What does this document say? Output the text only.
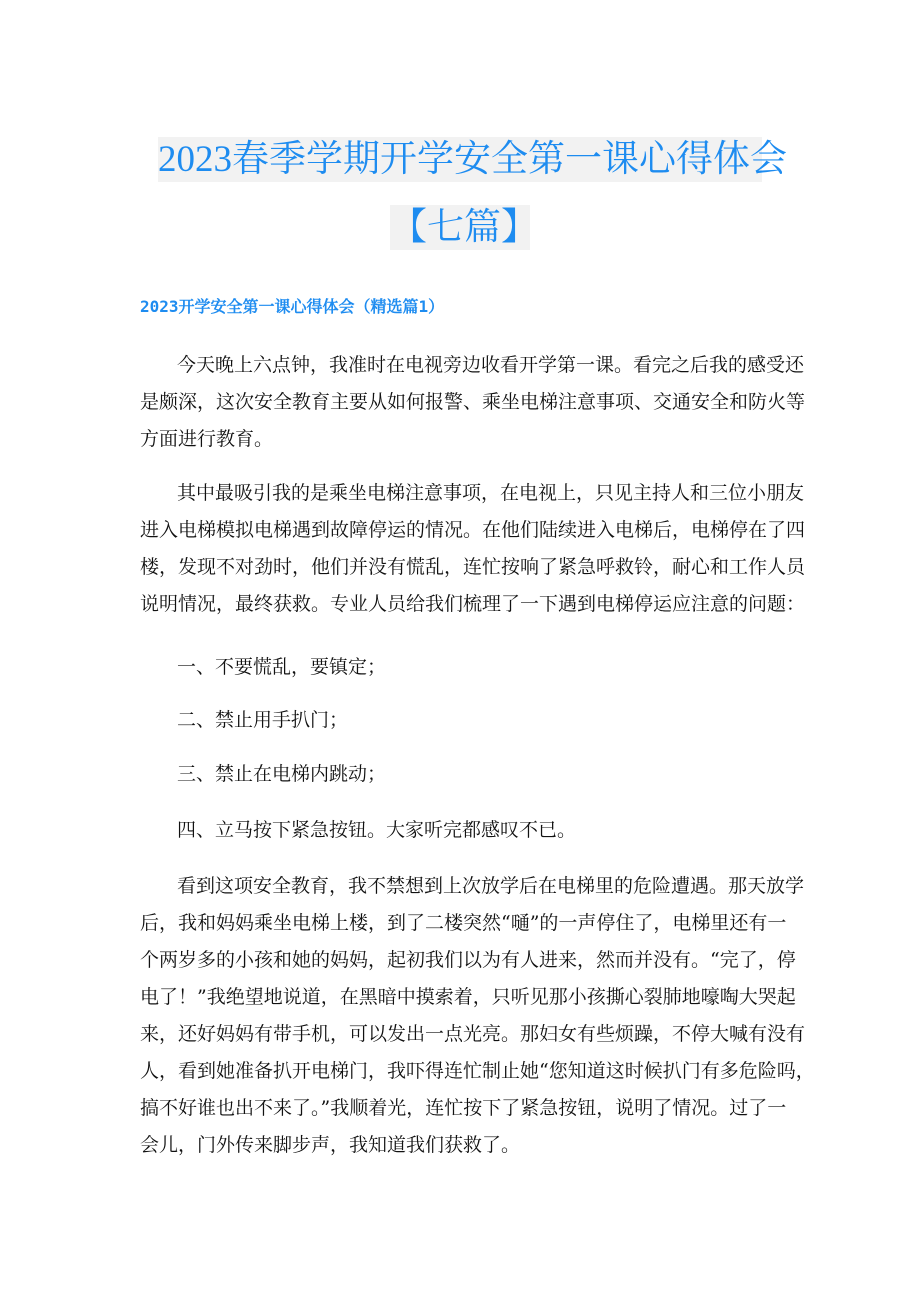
2023春季学期开学安全第一课心得体会
【七篇】
2023开学安全第一课心得体会（精选篇1）
今天晚上六点钟，我准时在电视旁边收看开学第一课。看完之后我的感受还
是颇深，这次安全教育主要从如何报警、乘坐电梯注意事项、交通安全和防火等
方面进行教育。
其中最吸引我的是乘坐电梯注意事项，在电视上，只见主持人和三位小朋友
进入电梯模拟电梯遇到故障停运的情况。在他们陆续进入电梯后，电梯停在了四
楼，发现不对劲时，他们并没有慌乱，连忙按响了紧急呼救铃，耐心和工作人员
说明情况，最终获救。专业人员给我们梳理了一下遇到电梯停运应注意的问题：
一、不要慌乱，要镇定；
二、禁止用手扒门；
三、禁止在电梯内跳动；
四、立马按下紧急按钮。大家听完都感叹不已。
看到这项安全教育，我不禁想到上次放学后在电梯里的危险遭遇。那天放学
后，我和妈妈乘坐电梯上楼，到了二楼突然“嗵”的一声停住了，电梯里还有一
个两岁多的小孩和她的妈妈，起初我们以为有人进来，然而并没有。“完了，停
电了！”我绝望地说道，在黑暗中摸索着，只听见那小孩撕心裂肺地嚎啕大哭起
来，还好妈妈有带手机，可以发出一点光亮。那妇女有些烦躁，不停大喊有没有
人，看到她准备扒开电梯门，我吓得连忙制止她“您知道这时候扒门有多危险吗，
搞不好谁也出不来了。”我顺着光，连忙按下了紧急按钮，说明了情况。过了一
会儿，门外传来脚步声，我知道我们获救了。
